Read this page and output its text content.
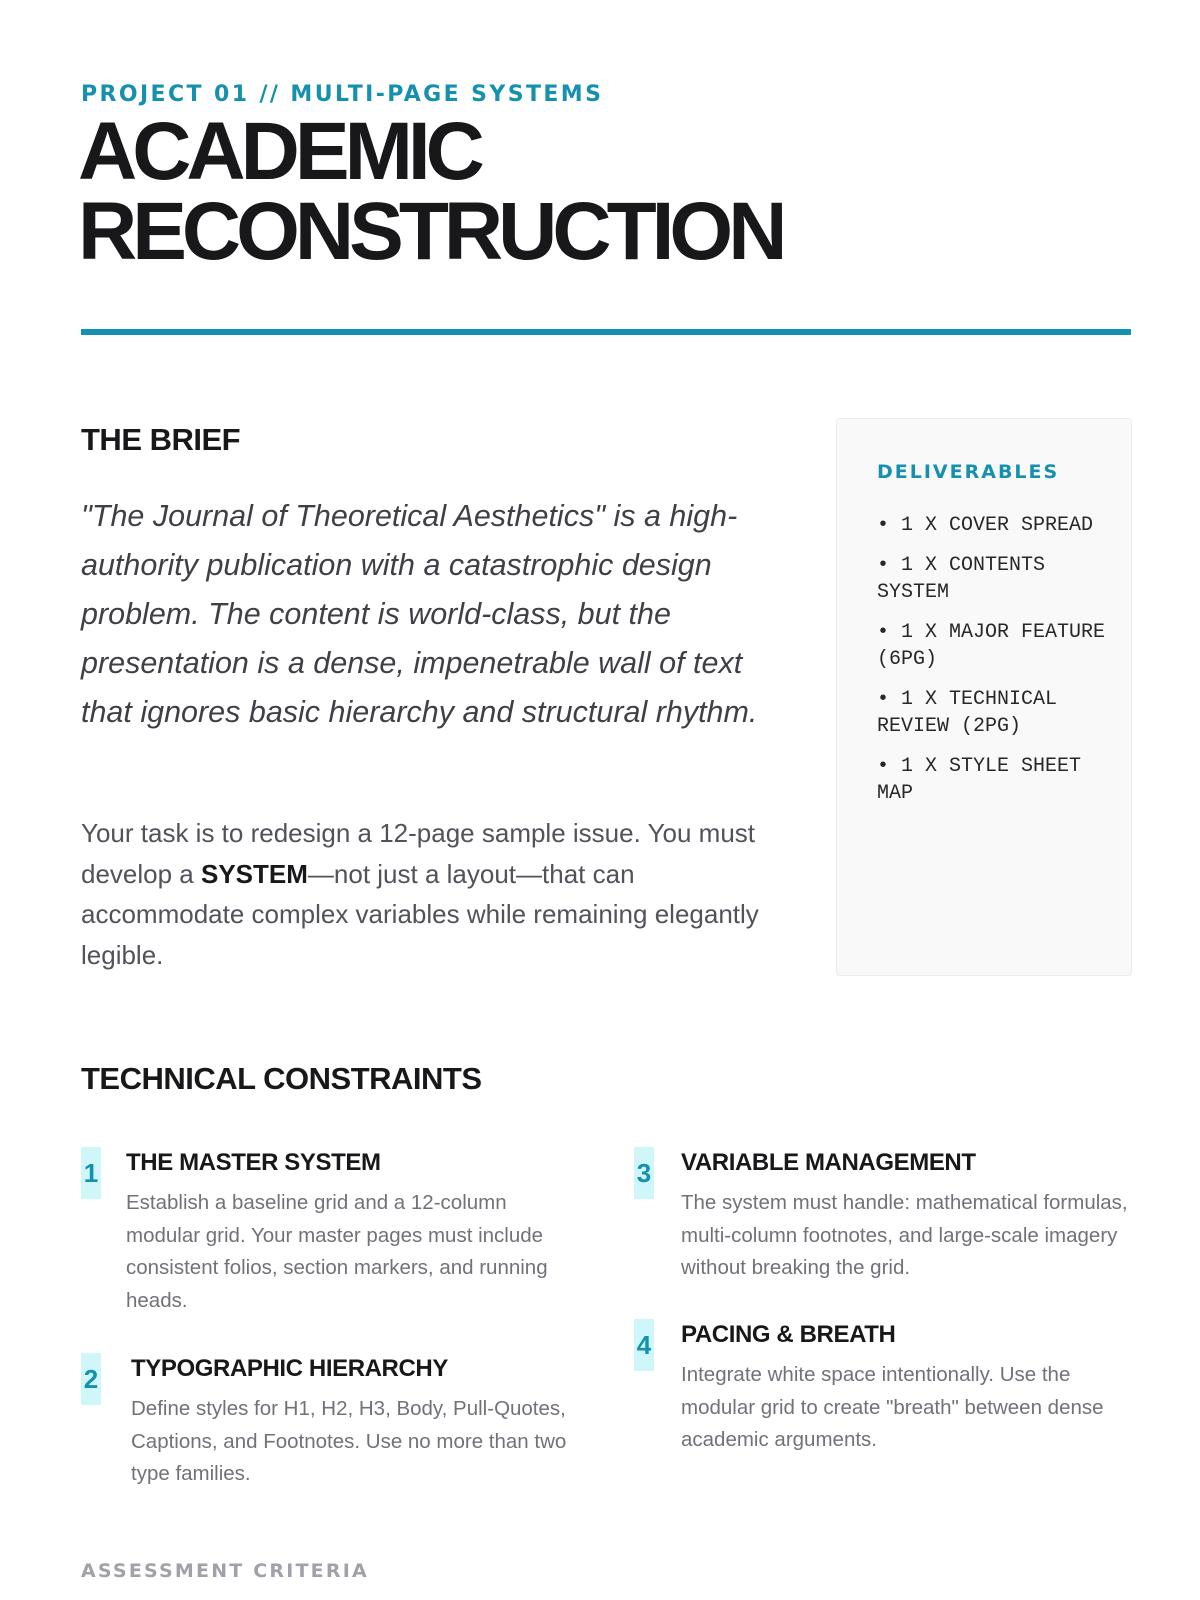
PROJECT 01 // MULTI-PAGE SYSTEMS
ACADEMIC
RECONSTRUCTION
THE BRIEF

"The Journal of Theoretical Aesthetics" is a high-authority publication with a catastrophic design problem. The content is world-class, but the presentation is a dense, impenetrable wall of text that ignores basic hierarchy and structural rhythm.

Your task is to redesign a 12-page sample issue. You must develop a SYSTEM—not just a layout—that can accommodate complex variables while remaining elegantly legible.

DELIVERABLES
• 1 X COVER SPREAD
• 1 X CONTENTS SYSTEM
• 1 X MAJOR FEATURE (6PG)
• 1 X TECHNICAL REVIEW (2PG)
• 1 X STYLE SHEET MAP
TECHNICAL CONSTRAINTS
1 THE MASTER SYSTEM

Establish a baseline grid and a 12-column modular grid. Your master pages must include consistent folios, section markers, and running heads.

2 TYPOGRAPHIC HIERARCHY

Define styles for H1, H2, H3, Body, Pull-Quotes, Captions, and Footnotes. Use no more than two type families.

3 VARIABLE MANAGEMENT

The system must handle: mathematical formulas, multi-column footnotes, and large-scale imagery without breaking the grid.

4 PACING & BREATH

Integrate white space intentionally. Use the modular grid to create "breath" between dense academic arguments.

ASSESSMENT CRITERIA
